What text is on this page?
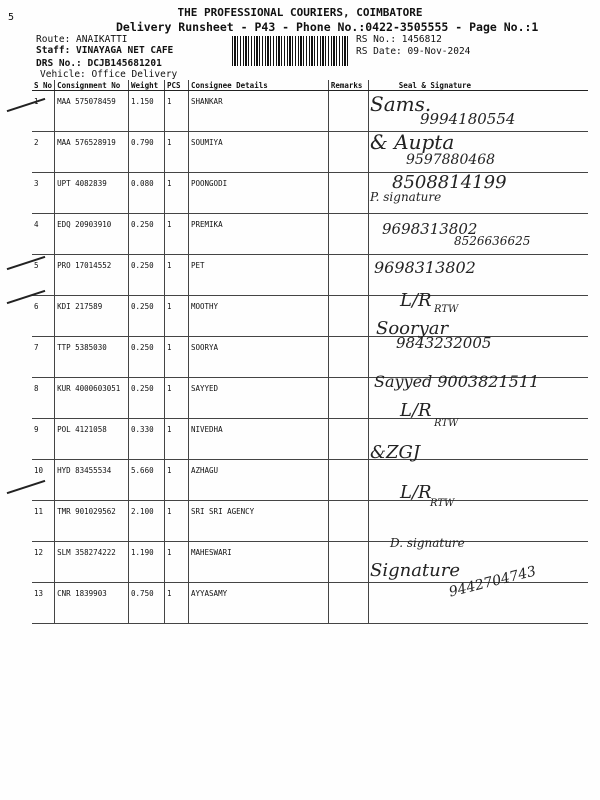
5	THE PROFESSIONAL COURIERS, COIMBATORE
Delivery Runsheet - P43 - Phone No.:0422-3505555 - Page No.:1
Route: ANAIKATTI
Staff: VINAYAGA NET CAFE
DRS No.: DCJB145681201
Vehicle: Office Delivery
RS No.: 1456812
RS Date: 09-Nov-2024
S No	Consignment No	Weight	PCS	Consignee Details	Remarks	Seal & Signature
	MAA 575078459	1.150	1	SHANKAR		
2	MAA 576528919	0.790	1	SOUMIYA		
3	UPT 4082839	0.080	1	POONGODI		
4	EDQ 20903910	0.250	1	PREMIKA		
5	PRO 17014552	0.250	1	PET		
6	KDI 217589	0.250	1	MOOTHY		
7	TTP 5385030	0.250	1	SOORYA		
8	KUR 4000603051	0.250	1	SAYYED		
9	POL 4121058	0.330	1	NIVEDHA		
10	HYD 83455534	5.660	1	AZHAGU		
11	TMR 901029562	2.100	1	SRI SRI AGENCY		
12	SLM 358274222	1.190	1	MAHESWARI		
13	CNR 1839903	0.750	1	AYYASAMY		
Sams.
9994180554
& Aupta
9597880468
8508814199
P. signature
9698313802
8526636625
9698313802
L/R RTW
Sooryar
9843232005
Sayyed 9003821511
L/R
RTW
&ZGJ
L/R
RTW
D. signature
Signature
9442704743
